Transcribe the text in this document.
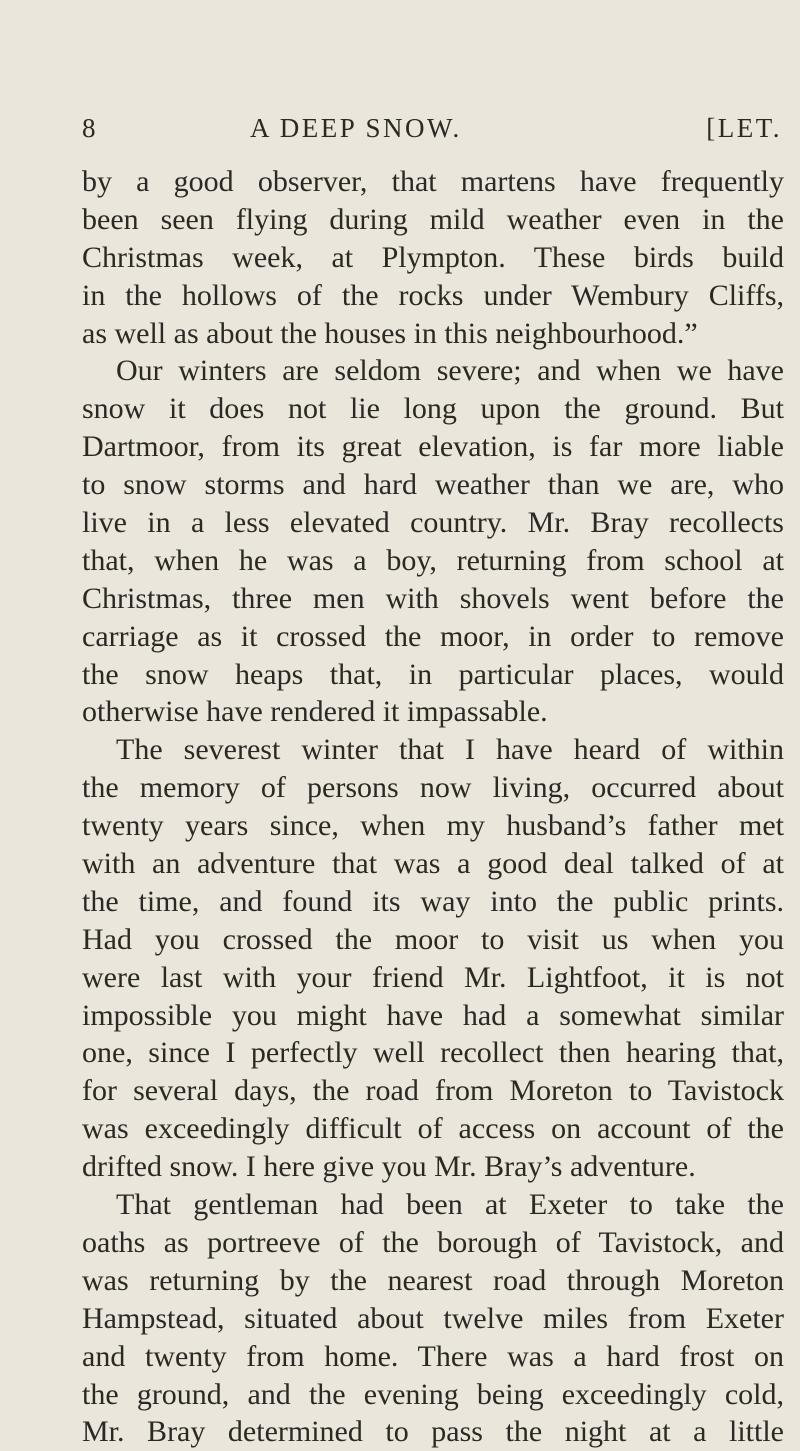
8	A DEEP SNOW.	[LET.
by a good observer, that martens have frequently
been seen flying during mild weather even in the
Christmas week, at Plympton. These birds build
in the hollows of the rocks under Wembury Cliffs,
as well as about the houses in this neighbourhood.”
Our winters are seldom severe; and when we have
snow it does not lie long upon the ground. But
Dartmoor, from its great elevation, is far more liable
to snow storms and hard weather than we are, who
live in a less elevated country. Mr. Bray recollects
that, when he was a boy, returning from school at
Christmas, three men with shovels went before the
carriage as it crossed the moor, in order to remove
the snow heaps that, in particular places, would
otherwise have rendered it impassable.
The severest winter that I have heard of within
the memory of persons now living, occurred about
twenty years since, when my husband’s father met
with an adventure that was a good deal talked of at
the time, and found its way into the public prints.
Had you crossed the moor to visit us when you
were last with your friend Mr. Lightfoot, it is not
impossible you might have had a somewhat similar
one, since I perfectly well recollect then hearing that,
for several days, the road from Moreton to Tavistock
was exceedingly difficult of access on account of the
drifted snow. I here give you Mr. Bray’s adventure.
That gentleman had been at Exeter to take the
oaths as portreeve of the borough of Tavistock, and
was returning by the nearest road through Moreton
Hampstead, situated about twelve miles from Exeter
and twenty from home. There was a hard frost on
the ground, and the evening being exceedingly cold,
Mr. Bray determined to pass the night at a little
